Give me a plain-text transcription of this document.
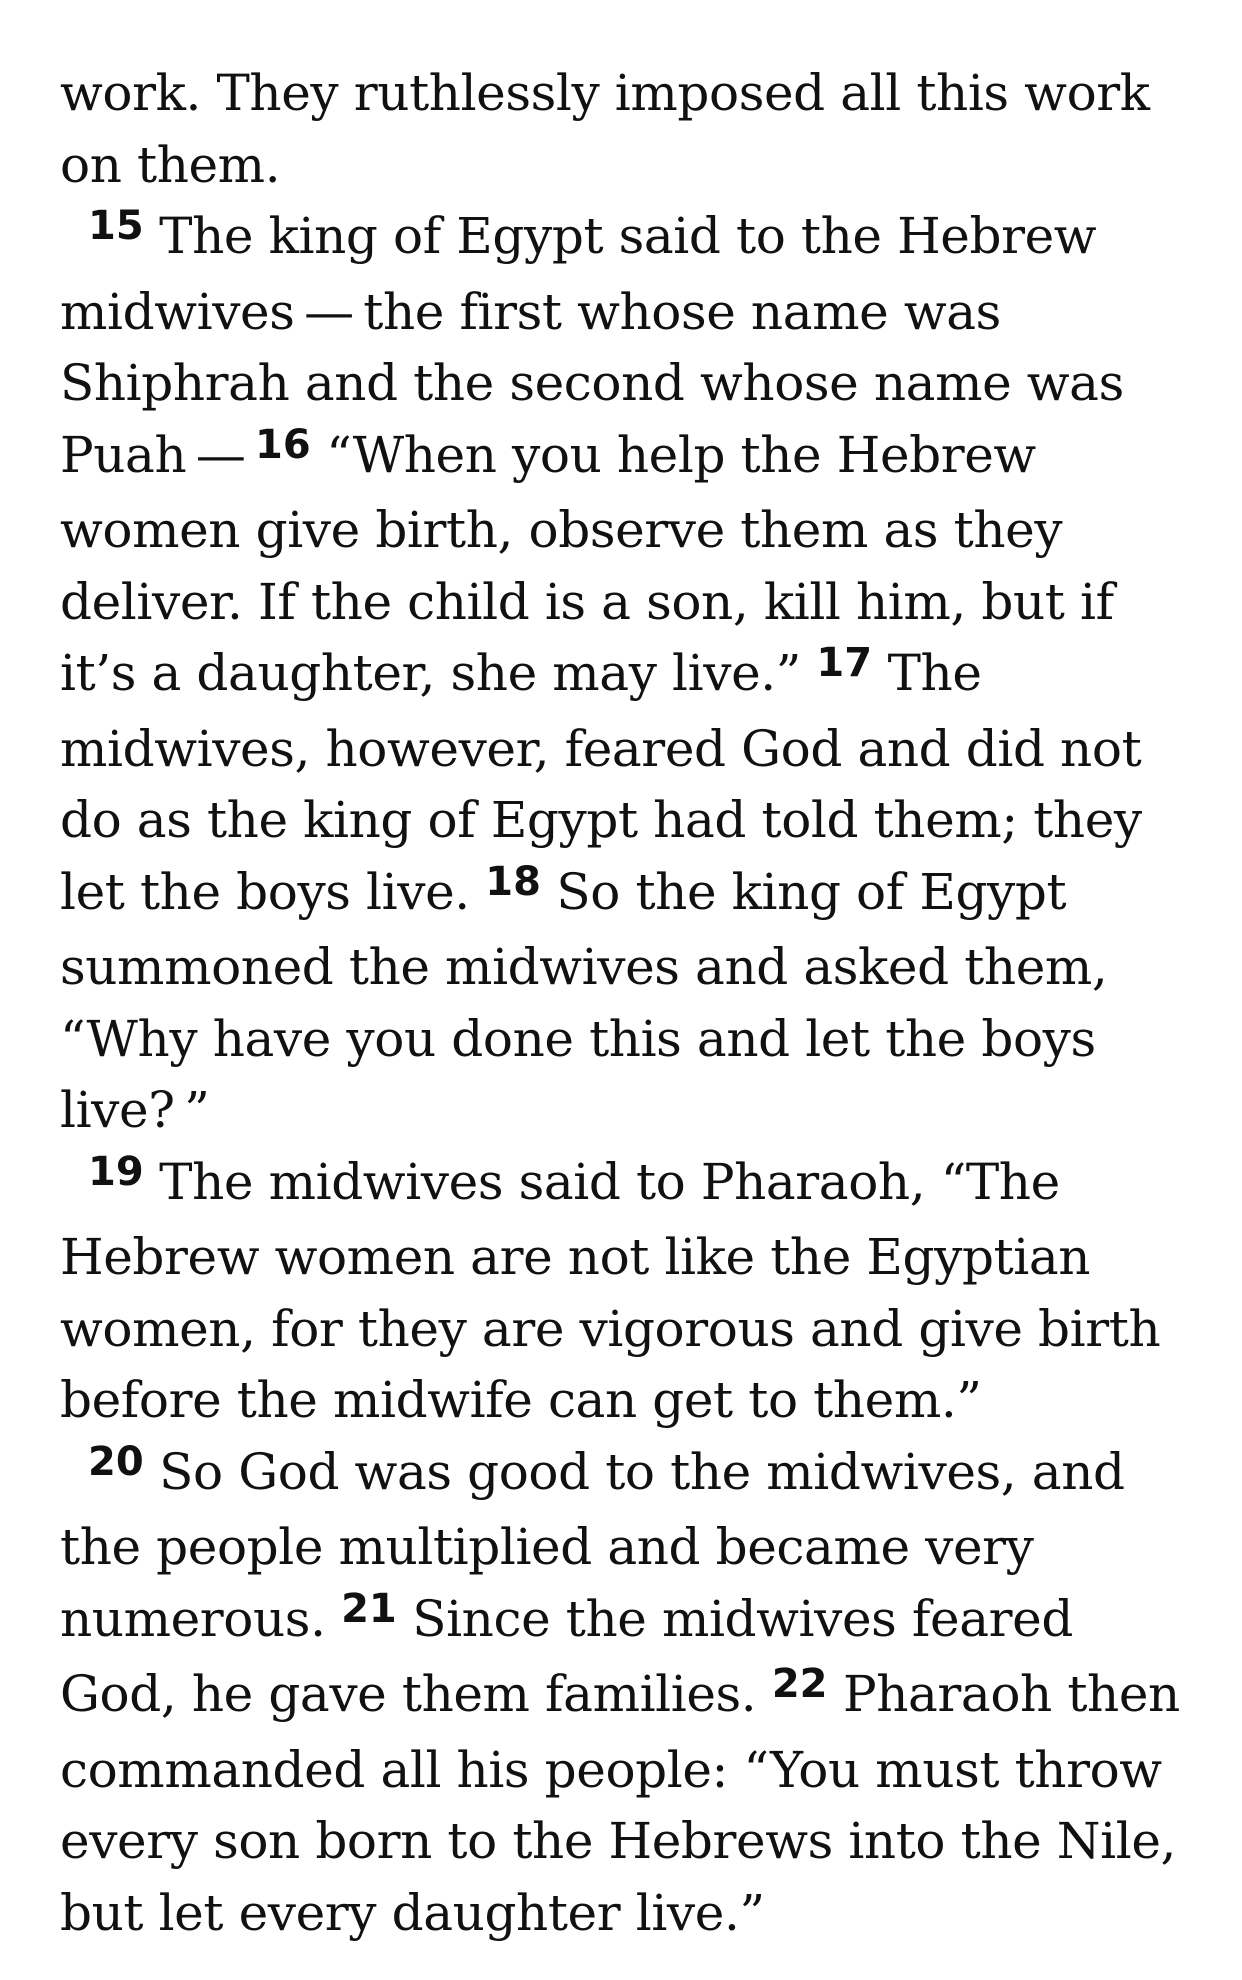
work. They ruthlessly imposed all this work on them.

$^{15}$ The king of Egypt said to the Hebrew midwives — the first whose name was Shiphrah and the second whose name was Puah — $^{16}$ “When you help the Hebrew women give birth, observe them as they deliver. If the child is a son, kill him, but if it’s a daughter, she may live.” $^{17}$ The midwives, however, feared God and did not do as the king of Egypt had told them; they let the boys live. $^{18}$ So the king of Egypt summoned the midwives and asked them, “Why have you done this and let the boys live? ”

$^{19}$ The midwives said to Pharaoh, “The Hebrew women are not like the Egyptian women, for they are vigorous and give birth before the midwife can get to them.”

$^{20}$ So God was good to the midwives, and the people multiplied and became very numerous. $^{21}$ Since the midwives feared God, he gave them families. $^{22}$ Pharaoh then commanded all his people: “You must throw every son born to the Hebrews into the Nile, but let every daughter live.”
